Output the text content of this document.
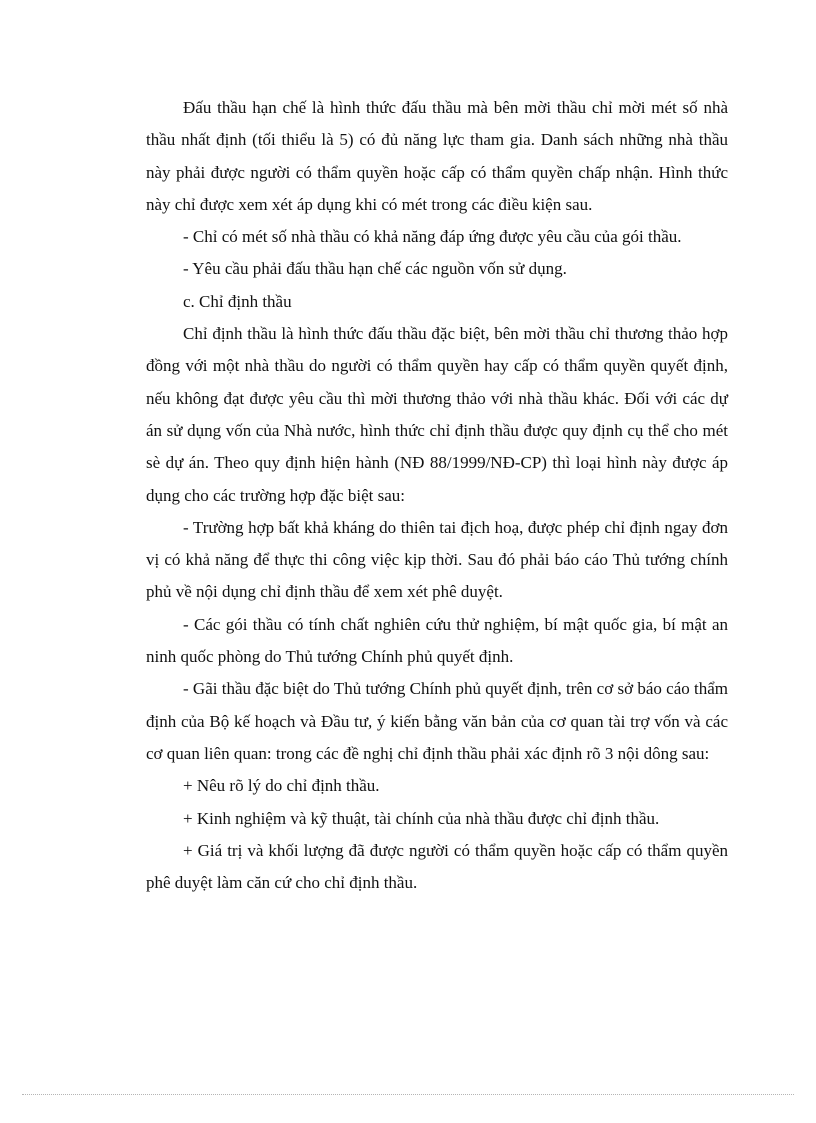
Đấu thầu hạn chế là hình thức đấu thầu mà bên mời thầu chỉ mời mét số nhà thầu nhất định (tối thiểu là 5) có đủ năng lực tham gia. Danh sách những nhà thầu này phải được người có thẩm quyền hoặc cấp có thẩm quyền chấp nhận. Hình thức này chỉ được xem xét áp dụng khi có mét trong các điều kiện sau.

- Chỉ có mét số nhà thầu có khả năng đáp ứng được yêu cầu của gói thầu.

- Yêu cầu phải đấu thầu hạn chế các nguồn vốn sử dụng.

c. Chỉ định thầu

Chỉ định thầu là hình thức đấu thầu đặc biệt, bên mời thầu chỉ thương thảo hợp đồng với một nhà thầu do người có thẩm quyền hay cấp có thẩm quyền quyết định, nếu không đạt được yêu cầu thì mời thương thảo với nhà thầu khác. Đối với các dự án sử dụng vốn của Nhà nước, hình thức chỉ định thầu được quy định cụ thể cho mét sè dự án. Theo quy định hiện hành (NĐ 88/1999/NĐ-CP) thì loại hình này được áp dụng cho các trường hợp đặc biệt sau:

- Trường hợp bất khả kháng do thiên tai địch hoạ, được phép chỉ định ngay đơn vị có khả năng để thực thi công việc kịp thời. Sau đó phải báo cáo Thủ tướng chính phủ về nội dụng chỉ định thầu để xem xét phê duyệt.

- Các gói thầu có tính chất nghiên cứu thử nghiệm, bí mật quốc gia, bí mật an ninh quốc phòng do Thủ tướng Chính phủ quyết định.

- Gãi thầu đặc biệt do Thủ tướng Chính phủ quyết định, trên cơ sở báo cáo thẩm định của Bộ kế hoạch và Đầu tư, ý kiến bằng văn bản của cơ quan tài trợ vốn và các cơ quan liên quan: trong các đề nghị chỉ định thầu phải xác định rõ 3 nội dông sau:

+ Nêu rõ lý do chỉ định thầu.

+ Kinh nghiệm và kỹ thuật, tài chính của nhà thầu được chỉ định thầu.

+ Giá trị và khối lượng đã được người có thẩm quyền hoặc cấp có thẩm quyền phê duyệt làm căn cứ cho chỉ định thầu.
